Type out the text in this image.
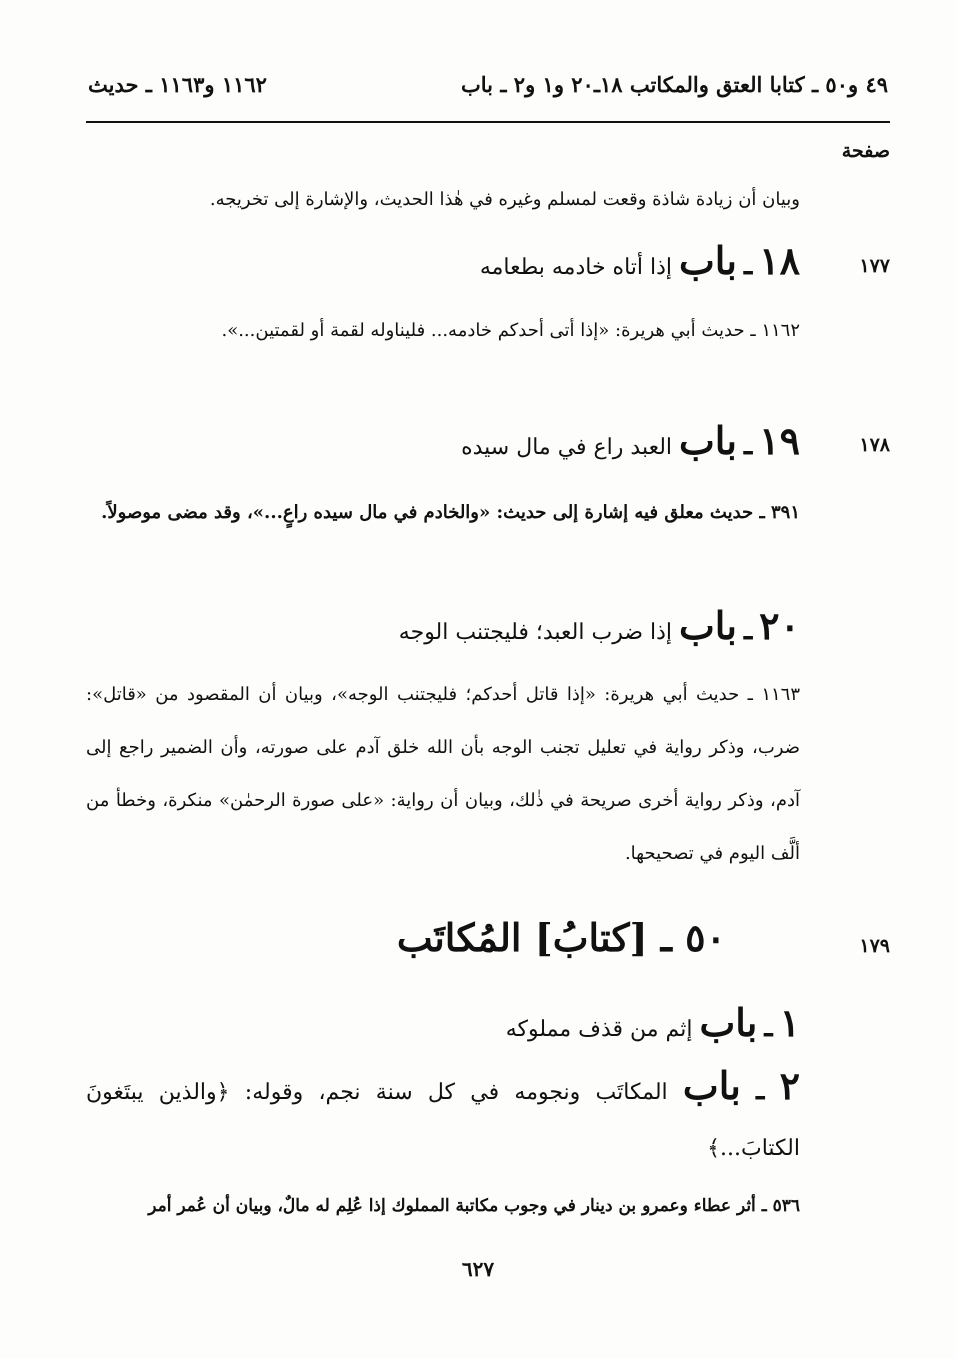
٤٩ و٥٠ ـ كتابا العتق والمكاتب ١٨ـ٢٠ و١ و٢ ـ باب
١١٦٢ و١١٦٣ ـ حديث
صفحة
وبيان أن زيادة شاذة وقعت لمسلم وغيره في هٰذا الحديث، والإشارة إلى تخريجه.
١٧٧
١٨ ـ باب إذا أتاه خادمه بطعامه
١١٦٢ ـ حديث أبي هريرة: «إذا أتى أحدكم خادمه... فليناوله لقمة أو لقمتين...».
١٧٨
١٩ ـ باب العبد راع في مال سيده
٣٩١ ـ حديث معلق فيه إشارة إلى حديث: «والخادم في مال سيده راعٍ...»، وقد مضى موصولاً.
٢٠ ـ باب إذا ضرب العبد؛ فليجتنب الوجه
١١٦٣ ـ حديث أبي هريرة: «إذا قاتل أحدكم؛ فليجتنب الوجه»، وبيان أن المقصود من «قاتل»: ضرب، وذكر رواية في تعليل تجنب الوجه بأن الله خلق آدم على صورته، وأن الضمير راجع إلى آدم، وذكر رواية أخرى صريحة في ذٰلك، وبيان أن رواية: «على صورة الرحمٰن» منكرة، وخطأ من ألَّف اليوم في تصحيحها.
١٧٩
٥٠ ـ [كتابُ] المُكاتَب
١ ـ باب إثم من قذف مملوكه
٢ ـ باب المكاتَب ونجومه في كل سنة نجم، وقوله: ﴿والذين يبتَغونَ الكتابَ...﴾
٥٣٦ ـ أثر عطاء وعمرو بن دينار في وجوب مكاتبة المملوك إذا عُلِم له مالٌ، وبيان أن عُمر أمر
٦٢٧
